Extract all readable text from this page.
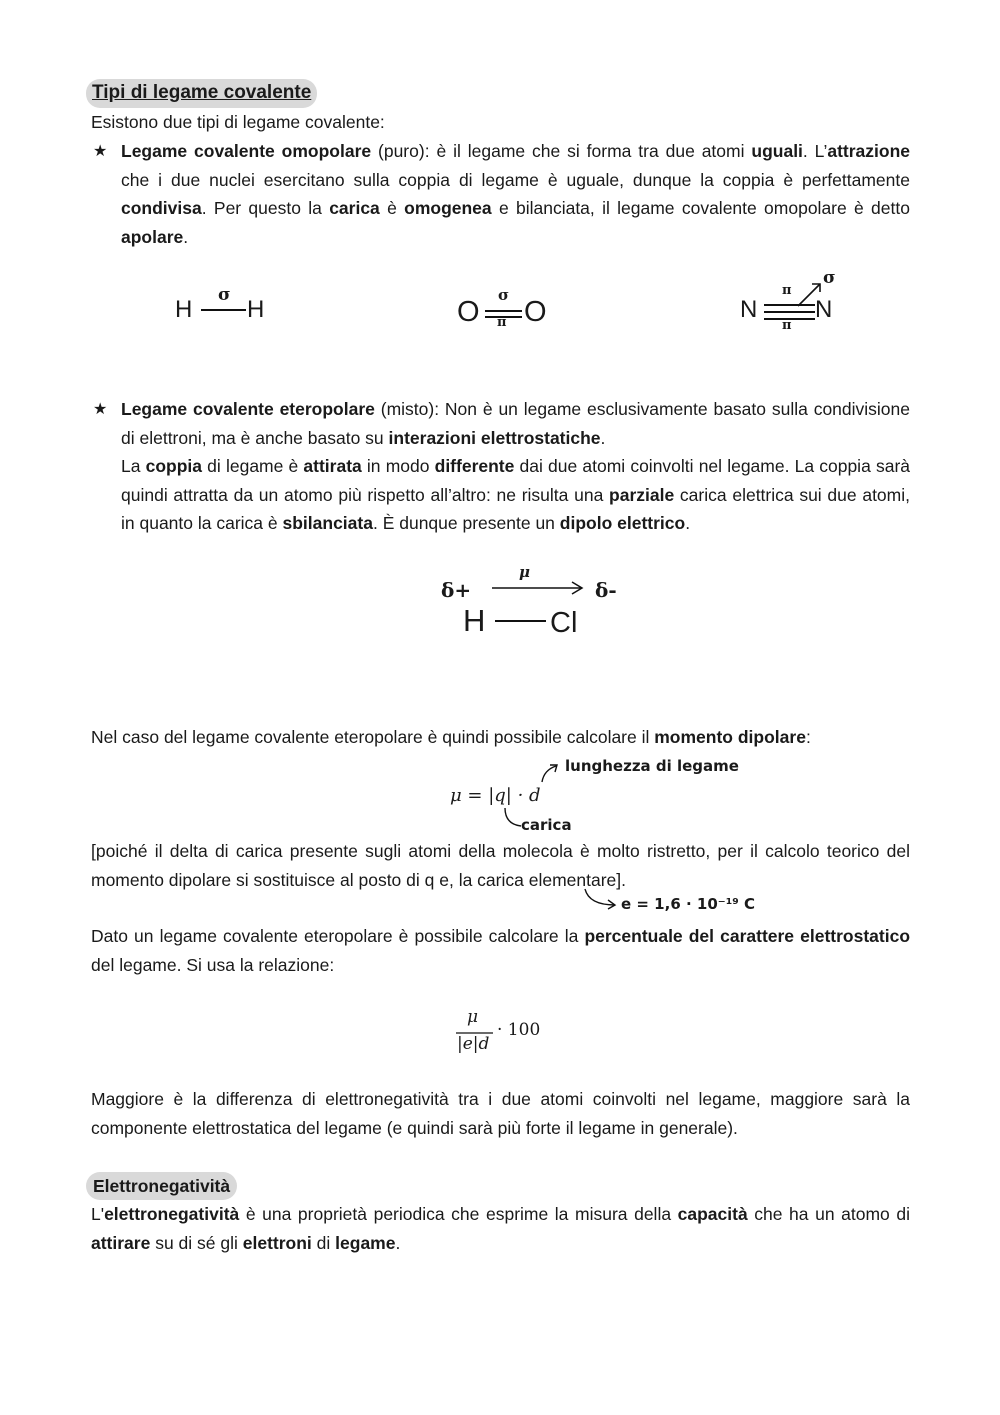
Tipi di legame covalente
Esistono due tipi di legame covalente:
★ Legame covalente omopolare (puro): è il legame che si forma tra due atomi uguali. L’attrazione che i due nuclei esercitano sulla coppia di legame è uguale, dunque la coppia è perfettamente condivisa. Per questo la carica è omogenea e bilanciata, il legame covalente omopolare è detto apolare.
H
σ
H	O
σ
π O	N
π
π
σ
N
★ Legame covalente eteropolare (misto): Non è un legame esclusivamente basato sulla condivisione di elettroni, ma è anche basato su interazioni elettrostatiche.
La coppia di legame è attirata in modo differente dai due atomi coinvolti nel legame. La coppia sarà quindi attratta da un atomo più rispetto all’altro: ne risulta una parziale carica elettrica sui due atomi, in quanto la carica è sbilanciata. È dunque presente un dipolo elettrico.
δ+
μ
δ-
H Cl
Nel caso del legame covalente eteropolare è quindi possibile calcolare il momento dipolare:
μ = |q| · d
lunghezza di legame
carica
[poiché il delta di carica presente sugli atomi della molecola è molto ristretto, per il calcolo teorico del momento dipolare si sostituisce al posto di q e, la carica elementare].
e = 1,6 · 10⁻¹⁹ C
Dato un legame covalente eteropolare è possibile calcolare la percentuale del carattere elettrostatico del legame. Si usa la relazione:
μ
|e|d
· 100
Maggiore è la differenza di elettronegatività tra i due atomi coinvolti nel legame, maggiore sarà la componente elettrostatica del legame (e quindi sarà più forte il legame in generale).
Elettronegatività
L'elettronegatività è una proprietà periodica che esprime la misura della capacità che ha un atomo di attirare su di sé gli elettroni di legame.
